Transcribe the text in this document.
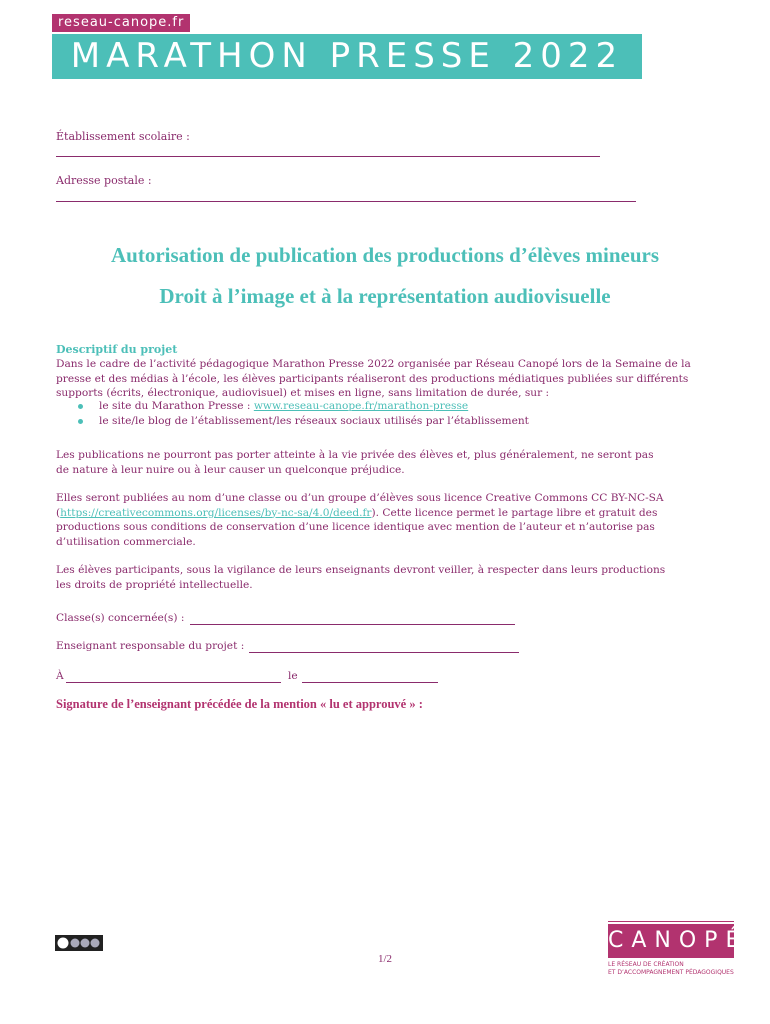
reseau-canope.fr
MARATHON PRESSE 2022
Établissement scolaire :
Adresse postale :
Autorisation de publication des productions d’élèves mineurs
Droit à l’image et à la représentation audiovisuelle
Descriptif du projet
Dans le cadre de l’activité pédagogique Marathon Presse 2022 organisée par Réseau Canopé lors de la Semaine de la presse et des médias à l’école, les élèves participants réaliseront des productions médiatiques publiées sur différents supports (écrits, électronique, audiovisuel) et mises en ligne, sans limitation de durée, sur :
le site du Marathon Presse : www.reseau-canope.fr/marathon-presse
le site/le blog de l’établissement/les réseaux sociaux utilisés par l’établissement
Les publications ne pourront pas porter atteinte à la vie privée des élèves et, plus généralement, ne seront pas de nature à leur nuire ou à leur causer un quelconque préjudice.
Elles seront publiées au nom d’une classe ou d’un groupe d’élèves sous licence Creative Commons CC BY-NC-SA (https://creativecommons.org/licenses/by-nc-sa/4.0/deed.fr). Cette licence permet le partage libre et gratuit des productions sous conditions de conservation d’une licence identique avec mention de l’auteur et n’autorise pas d’utilisation commerciale.
Les élèves participants, sous la vigilance de leurs enseignants devront veiller, à respecter dans leurs productions les droits de propriété intellectuelle.
Classe(s) concernée(s) :
Enseignant responsable du projet :
À	le
Signature de l’enseignant précédée de la mention « lu et approuvé » :
1/2
CANOPÉ
LE RÉSEAU DE CRÉATION
ET D’ACCOMPAGNEMENT PÉDAGOGIQUES
